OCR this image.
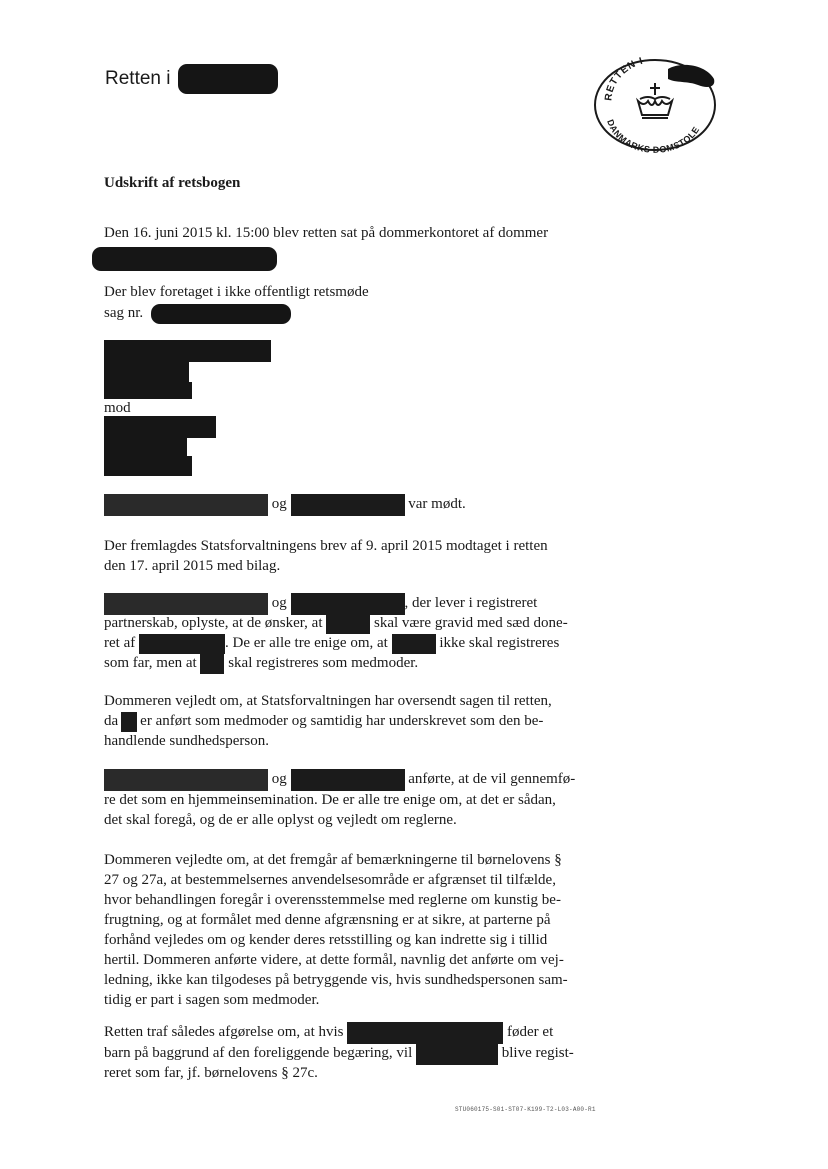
Retten i
RETTEN I
DANMARKS DOMSTOLE
Udskrift af retsbogen
Den 16. juni 2015 kl. 15:00 blev retten sat på dommerkontoret af dommer
Der blev foretaget i ikke offentligt retsmøde
sag nr.
mod
og	var mødt.
Der fremlagdes Statsforvaltningens brev af 9. april 2015 modtaget i retten
den 17. april 2015 med bilag.
og	, der lever i registreret
partnerskab, oplyste, at de ønsker, at	skal være gravid med sæd done-
ret af	. De er alle tre enige om, at	ikke skal registreres
som far, men at skal registreres som medmoder.
Dommeren vejledt om, at Statsforvaltningen har oversendt sagen til retten,
da er anført som medmoder og samtidig har underskrevet som den be-
handlende sundhedsperson.
og	anførte, at de vil gennemfø-
re det som en hjemmeinsemination. De er alle tre enige om, at det er sådan,
det skal foregå, og de er alle oplyst og vejledt om reglerne.
Dommeren vejledte om, at det fremgår af bemærkningerne til børnelovens §
27 og 27a, at bestemmelsernes anvendelsesområde er afgrænset til tilfælde,
hvor behandlingen foregår i overensstemmelse med reglerne om kunstig be-
frugtning, og at formålet med denne afgrænsning er at sikre, at parterne på
forhånd vejledes om og kender deres retsstilling og kan indrette sig i tillid
hertil. Dommeren anførte videre, at dette formål, navnlig det anførte om vej-
ledning, ikke kan tilgodeses på betryggende vis, hvis sundhedspersonen sam-
tidig er part i sagen som medmoder.
Retten traf således afgørelse om, at hvis	føder et
barn på baggrund af den foreliggende begæring, vil	blive regist-
reret som far, jf. børnelovens § 27c.
STU060175-S01-ST07-K199-T2-L03-A00-R1
